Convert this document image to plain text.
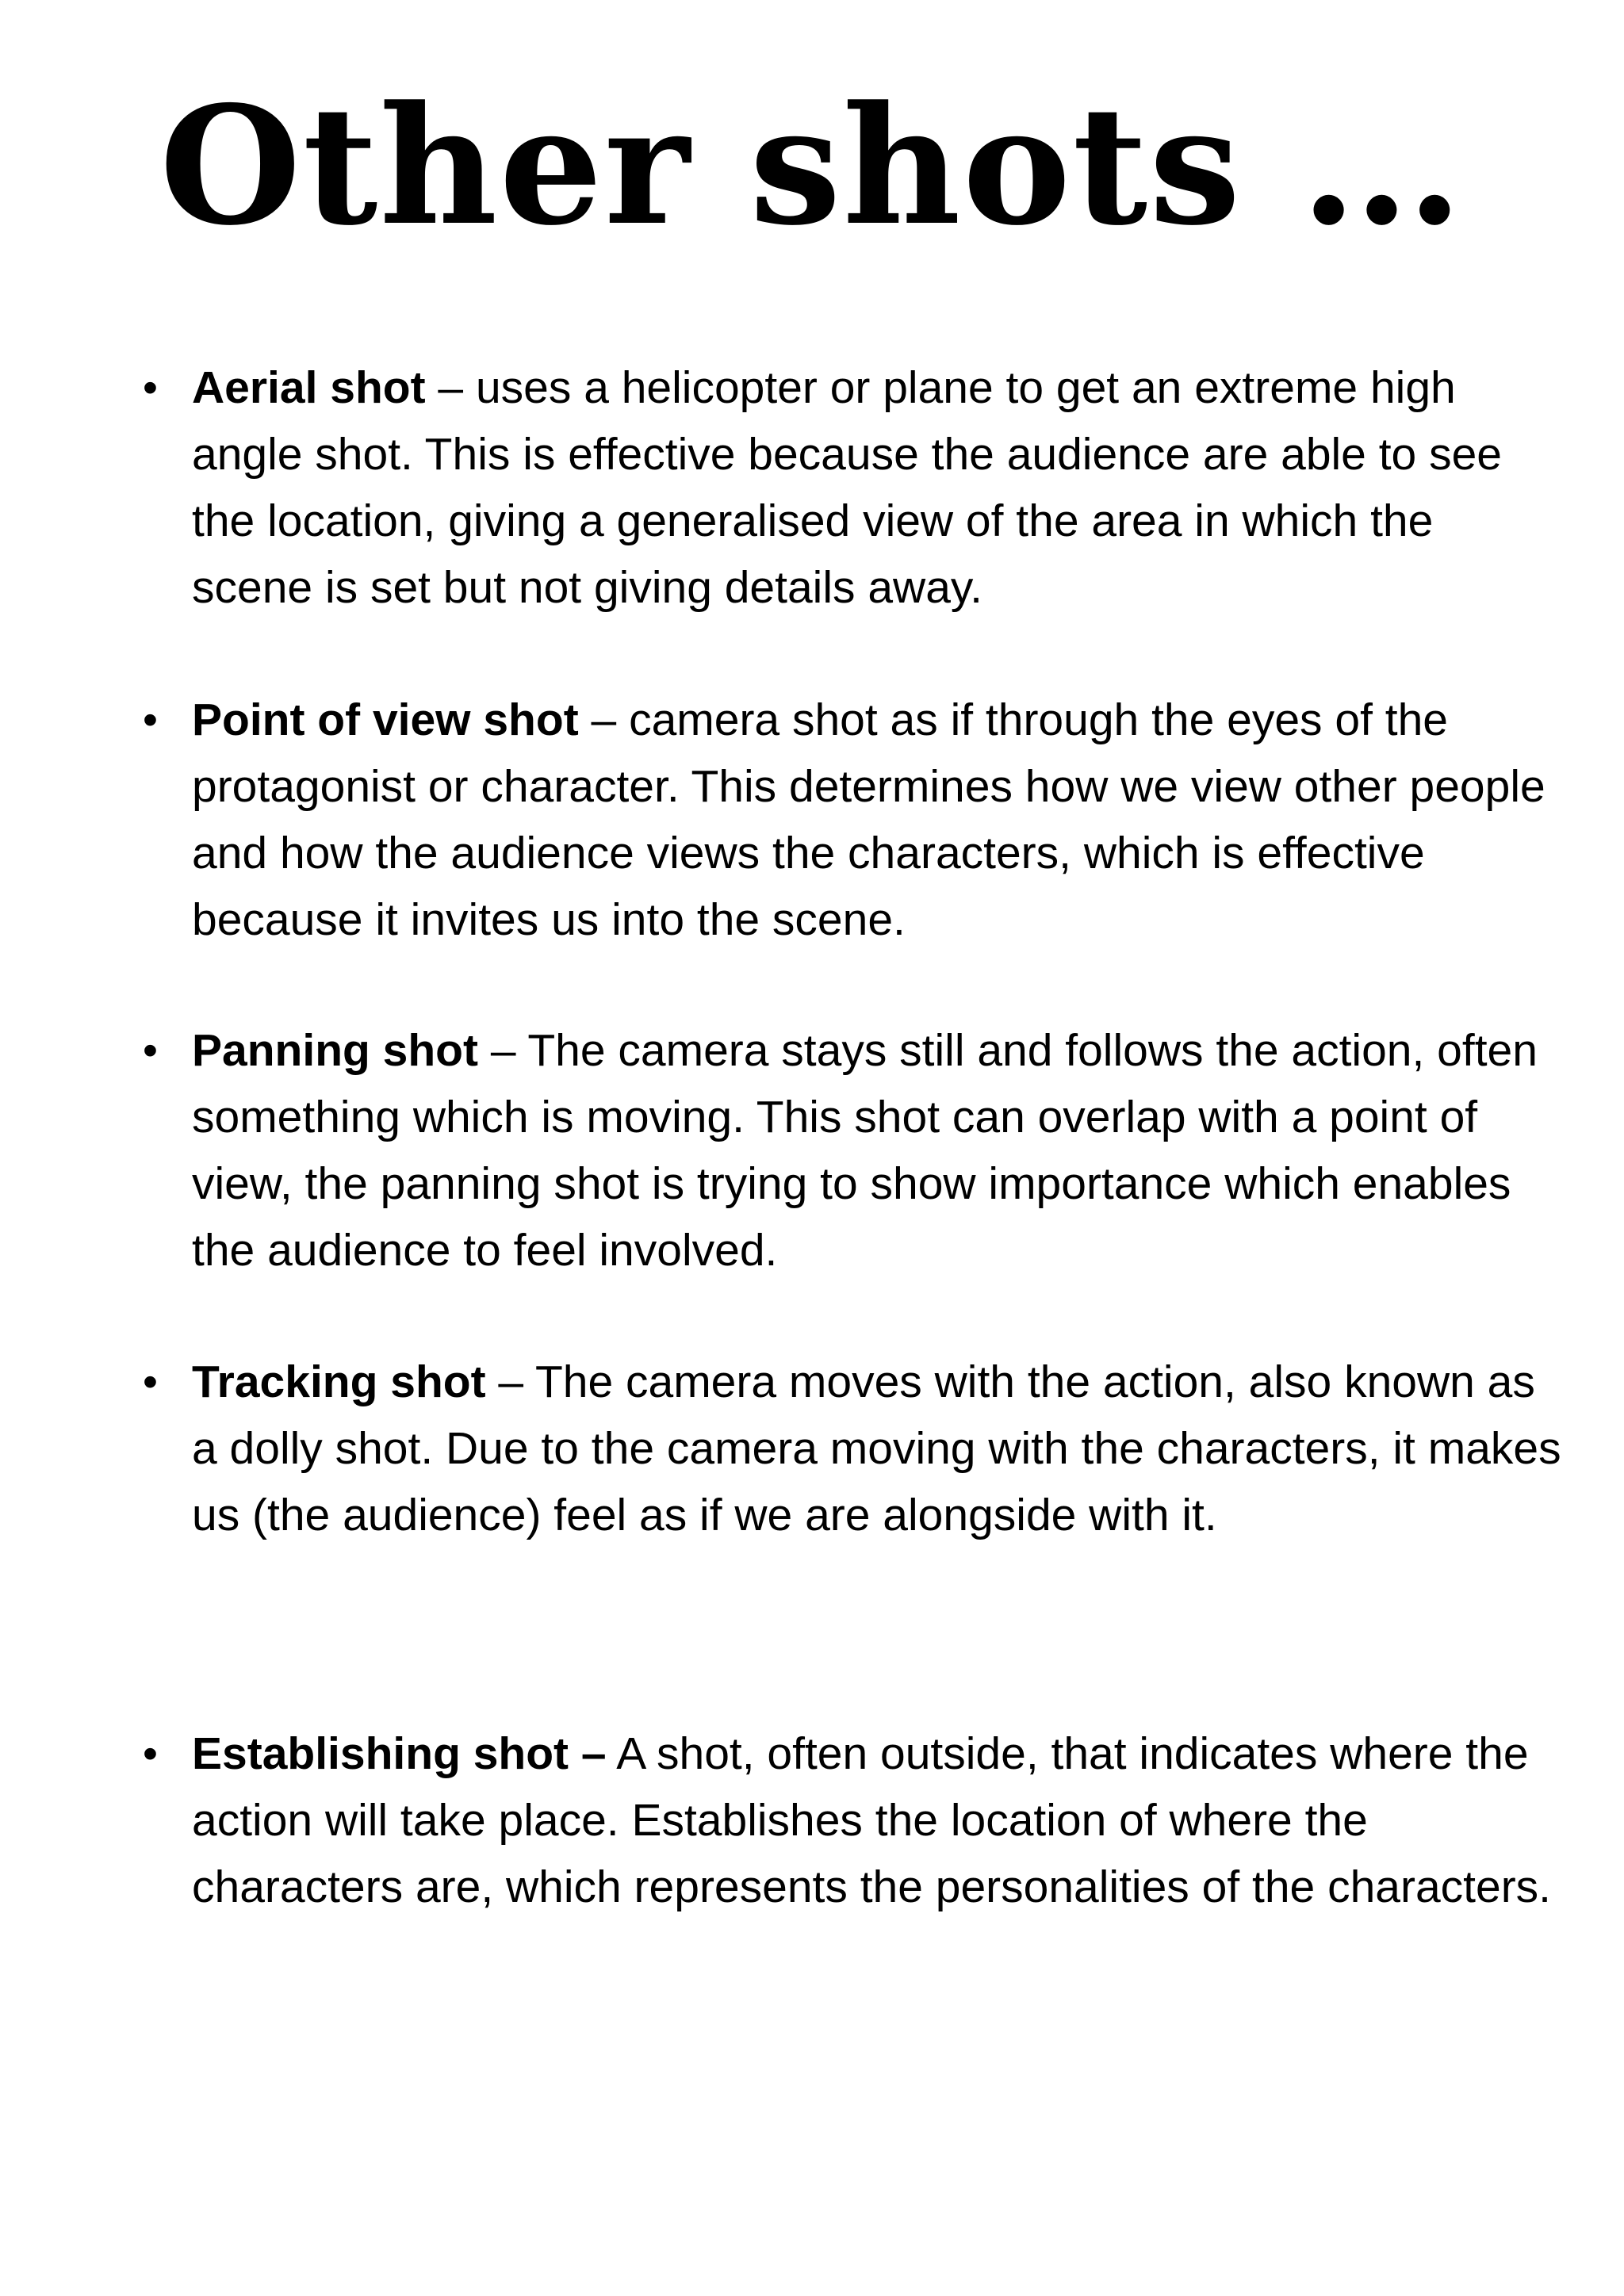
Other shots …

• Aerial shot – uses a helicopter or plane to get an extreme high angle shot. This is effective because the audience are able to see the location, giving a generalised view of the area in which the scene is set but not giving details away.

• Point of view shot – camera shot as if through the eyes of the protagonist or character. This determines how we view other people and how the audience views the characters, which is effective because it invites us into the scene.

• Panning shot – The camera stays still and follows the action, often something which is moving. This shot can overlap with a point of view, the panning shot is trying to show importance which enables the audience to feel involved.

• Tracking shot – The camera moves with the action, also known as a dolly shot. Due to the camera moving with the characters, it makes us (the audience) feel as if we are alongside with it.

• Establishing shot – A shot, often outside, that indicates where the action will take place. Establishes the location of where the characters are, which represents the personalities of the characters.
